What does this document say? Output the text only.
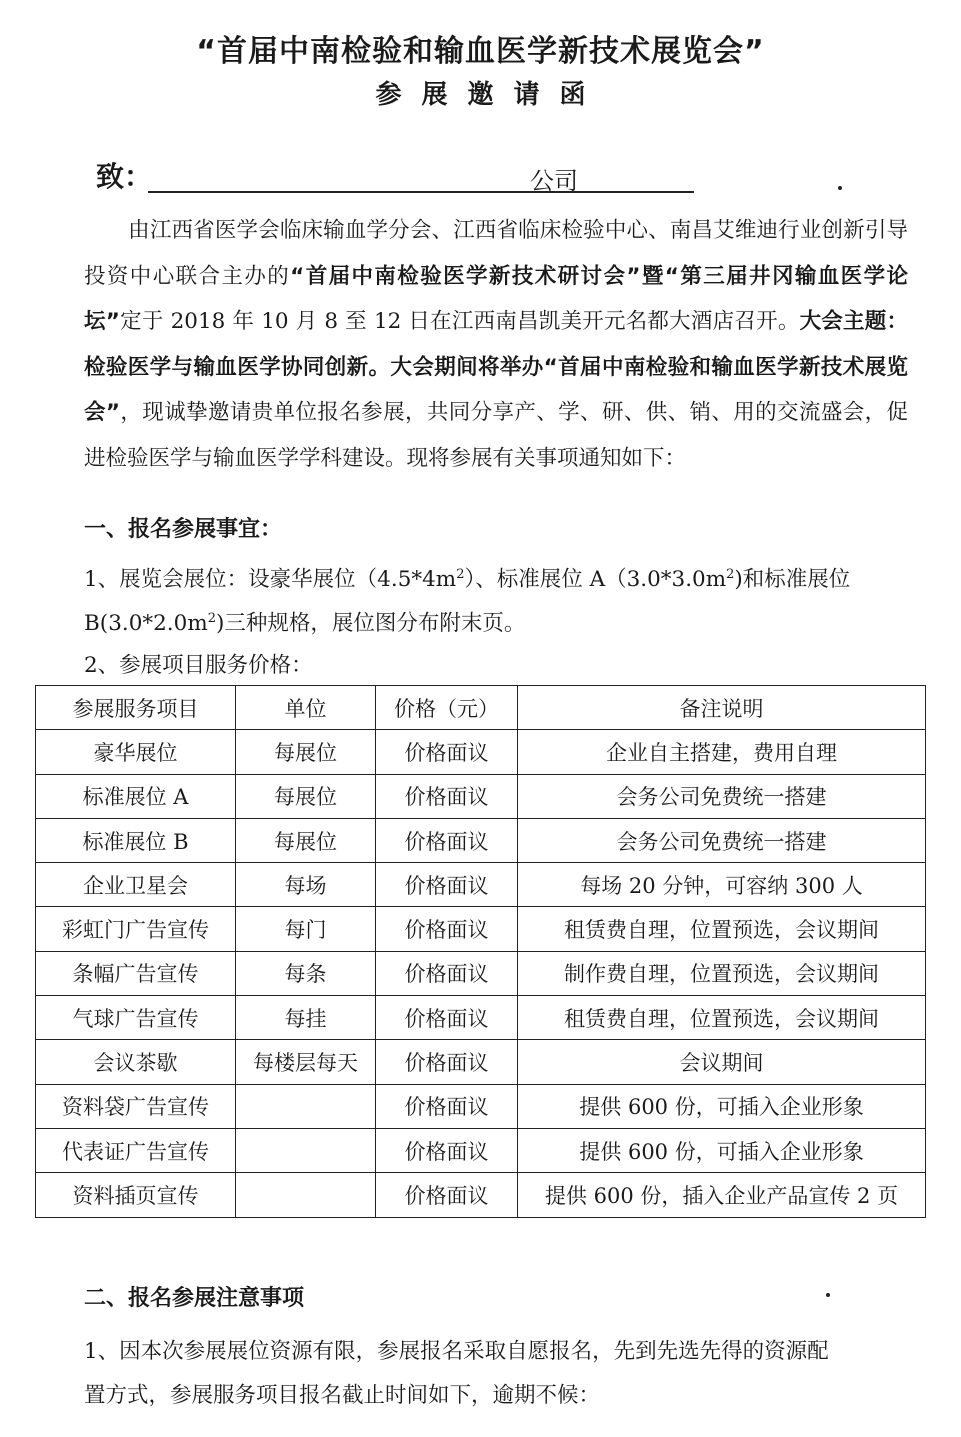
“首届中南检验和输血医学新技术展览会”
参展邀请函
致：	公司
由江西省医学会临床输血学分会、江西省临床检验中心、南昌艾维迪行业创新引导投资中心联合主办的“首届中南检验医学新技术研讨会”暨“第三届井冈输血医学论坛”定于 2018 年 10 月 8 至 12 日在江西南昌凯美开元名都大酒店召开。大会主题：检验医学与输血医学协同创新。大会期间将举办“首届中南检验和输血医学新技术展览会”，现诚挚邀请贵单位报名参展，共同分享产、学、研、供、销、用的交流盛会，促进检验医学与输血医学学科建设。现将参展有关事项通知如下：
一、报名参展事宜：
1、展览会展位：设豪华展位$(4.5*4m^2)$、标准展位 $A(3.0*3.0m^2)$和标准展位
$B(3.0*2.0m^2)$三种规格，展位图分布附末页。
2、参展项目服务价格：
参展服务项目	单位	价格（元）	备注说明
豪华展位	每展位	价格面议	企业自主搭建，费用自理
标准展位 A	每展位	价格面议	会务公司免费统一搭建
标准展位 B	每展位	价格面议	会务公司免费统一搭建
企业卫星会	每场	价格面议	每场 20 分钟，可容纳 300 人
彩虹门广告宣传	每门	价格面议	租赁费自理，位置预选，会议期间
条幅广告宣传	每条	价格面议	制作费自理，位置预选，会议期间
气球广告宣传	每挂	价格面议	租赁费自理，位置预选，会议期间
会议茶歇	每楼层每天	价格面议	会议期间
资料袋广告宣传		价格面议	提供 600 份，可插入企业形象
代表证广告宣传		价格面议	提供 600 份，可插入企业形象
资料插页宣传		价格面议	提供 600 份，插入企业产品宣传 2 页
二、报名参展注意事项
1、因本次参展展位资源有限，参展报名采取自愿报名，先到先选先得的资源配
置方式，参展服务项目报名截止时间如下，逾期不候：
